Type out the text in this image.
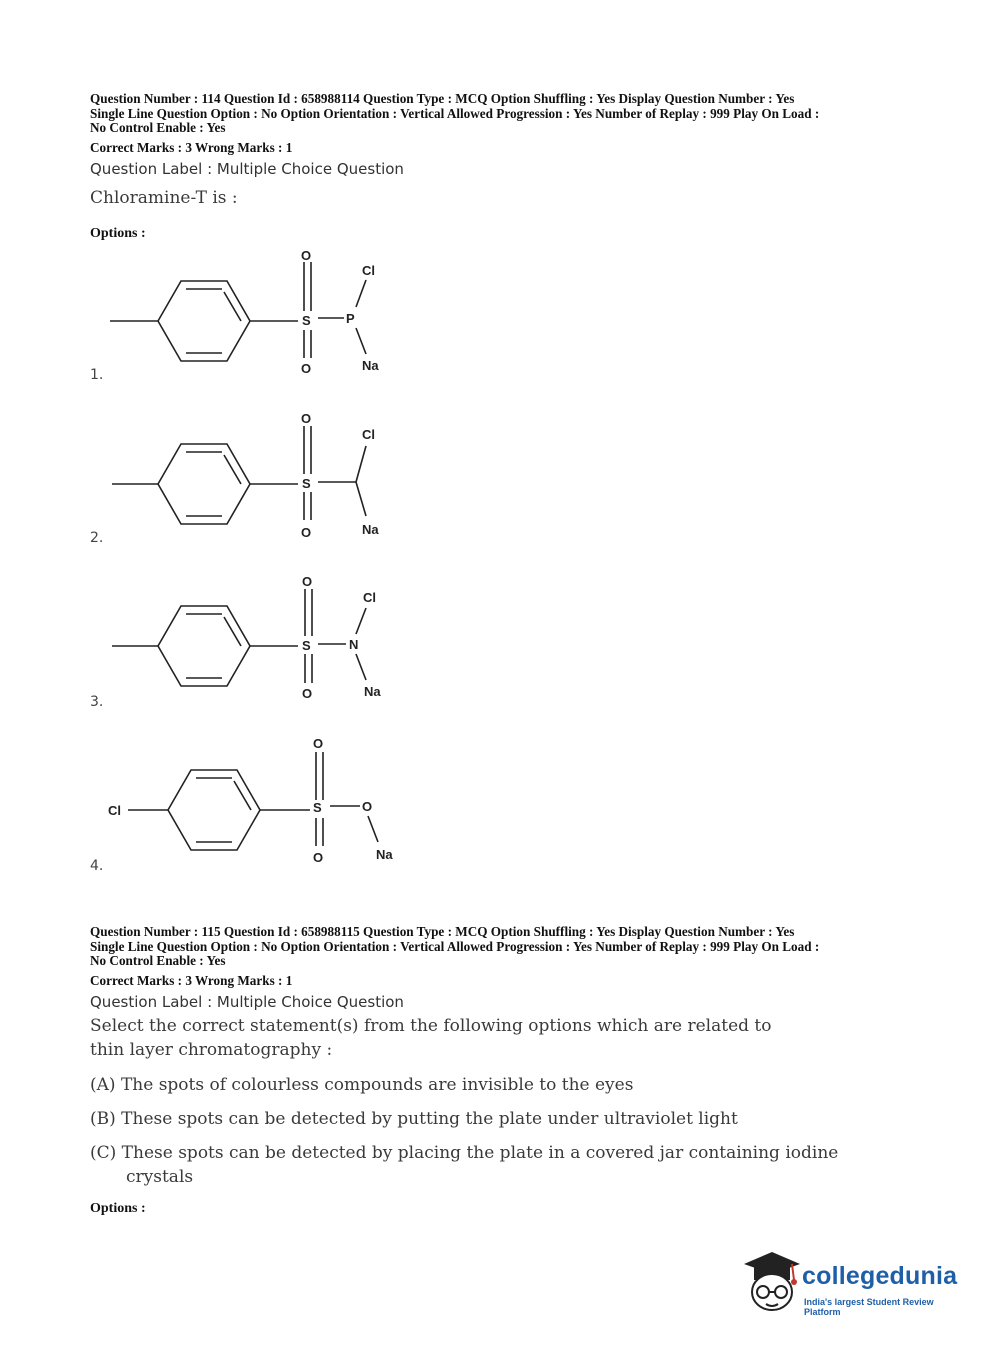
Question Number : 114 Question Id : 658988114 Question Type : MCQ Option Shuffling : Yes Display Question Number : Yes
Single Line Question Option : No Option Orientation : Vertical Allowed Progression : Yes Number of Replay : 999 Play On Load :
No Control Enable : Yes
Correct Marks : 3 Wrong Marks : 1
Question Label : Multiple Choice Question
Chloramine-T is :
Options :
1.
O
S	P
O
Cl
Na
2.
O
S
O
Cl
Na
3.
O
S	N
O
Cl
Na
4.
Cl
O
S	O
O	Na
Question Number : 115 Question Id : 658988115 Question Type : MCQ Option Shuffling : Yes Display Question Number : Yes
Single Line Question Option : No Option Orientation : Vertical Allowed Progression : Yes Number of Replay : 999 Play On Load :
No Control Enable : Yes
Correct Marks : 3 Wrong Marks : 1
Question Label : Multiple Choice Question
Select the correct statement(s) from the following options which are related to
thin layer chromatography :
(A) The spots of colourless compounds are invisible to the eyes
(B) These spots can be detected by putting the plate under ultraviolet light
(C) These spots can be detected by placing the plate in a covered jar containing iodine crystals
Options :
collegedunia
India's largest Student Review Platform
